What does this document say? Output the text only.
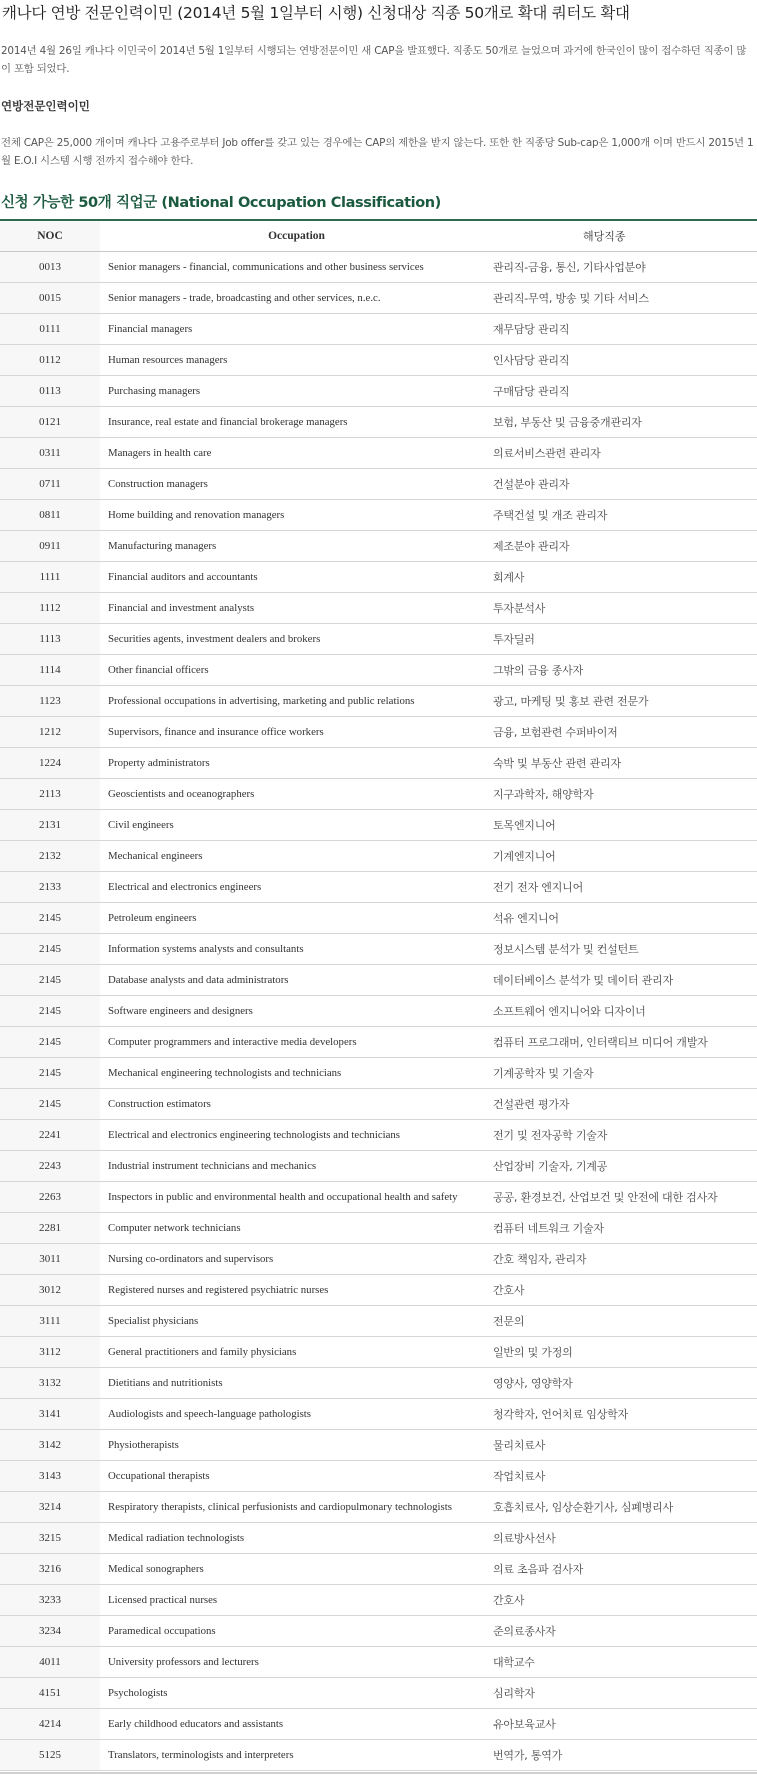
캐나다 연방 전문인력이민 (2014년 5월 1일부터 시행) 신청대상 직종 50개로 확대 쿼터도 확대
2014년 4월 26일 캐나다 이민국이 2014년 5월 1일부터 시행되는 연방전문이민 새 CAP을 발표했다. 직종도 50개로 늘었으며 과거에 한국인이 많이 접수하던 직종이 많이 포함 되었다.
연방전문인력이민
전체 CAP은 25,000 개이며 캐나다 고용주로부터 Job offer를 갖고 있는 경우에는 CAP의 제한을 받지 않는다. 또한 한 직종당 Sub-cap은 1,000개 이며 반드시 2015년 1월 E.O.I 시스템 시행 전까지 접수해야 한다.
신청 가능한 50개 직업군 (National Occupation Classification)
NOC	Occupation	해당직종
0013	Senior managers - financial, communications and other business services	관리직-금융, 통신, 기타사업분야
0015	Senior managers - trade, broadcasting and other services, n.e.c.	관리직-무역, 방송 및 기타 서비스
0111	Financial managers	재무담당 관리직
0112	Human resources managers	인사담당 관리직
0113	Purchasing managers	구매담당 관리직
0121	Insurance, real estate and financial brokerage managers	보험, 부동산 및 금융중개관리자
0311	Managers in health care	의료서비스관련 관리자
0711	Construction managers	건설분야 관리자
0811	Home building and renovation managers	주택건설 및 개조 관리자
0911	Manufacturing managers	제조분야 관리자
1111	Financial auditors and accountants	회계사
1112	Financial and investment analysts	투자분석사
1113	Securities agents, investment dealers and brokers	투자딜러
1114	Other financial officers	그밖의 금융 종사자
1123	Professional occupations in advertising, marketing and public relations	광고, 마케팅 및 홍보 관련 전문가
1212	Supervisors, finance and insurance office workers	금융, 보험관련 수퍼바이저
1224	Property administrators	숙박 및 부동산 관련 관리자
2113	Geoscientists and oceanographers	지구과학자, 해양학자
2131	Civil engineers	토목엔지니어
2132	Mechanical engineers	기계엔지니어
2133	Electrical and electronics engineers	전기 전자 엔지니어
2145	Petroleum engineers	석유 엔지니어
2145	Information systems analysts and consultants	정보시스템 분석가 및 컨설턴트
2145	Database analysts and data administrators	데이터베이스 분석가 및 데이터 관리자
2145	Software engineers and designers	소프트웨어 엔지니어와 디자이너
2145	Computer programmers and interactive media developers	컴퓨터 프로그래머, 인터랙티브 미디어 개발자
2145	Mechanical engineering technologists and technicians	기계공학자 및 기술자
2145	Construction estimators	건설관련 평가자
2241	Electrical and electronics engineering technologists and technicians	전기 및 전자공학 기술자
2243	Industrial instrument technicians and mechanics	산업장비 기술자, 기계공
2263	Inspectors in public and environmental health and occupational health and safety	공공, 환경보건, 산업보건 및 안전에 대한 검사자
2281	Computer network technicians	컴퓨터 네트워크 기술자
3011	Nursing co-ordinators and supervisors	간호 책임자, 관리자
3012	Registered nurses and registered psychiatric nurses	간호사
3111	Specialist physicians	전문의
3112	General practitioners and family physicians	일반의 및 가정의
3132	Dietitians and nutritionists	영양사, 영양학자
3141	Audiologists and speech-language pathologists	청각학자, 언어치료 임상학자
3142	Physiotherapists	물리치료사
3143	Occupational therapists	작업치료사
3214	Respiratory therapists, clinical perfusionists and cardiopulmonary technologists	호흡치료사, 임상순환기사, 심폐병리사
3215	Medical radiation technologists	의료방사선사
3216	Medical sonographers	의료 초음파 검사자
3233	Licensed practical nurses	간호사
3234	Paramedical occupations	준의료종사자
4011	University professors and lecturers	대학교수
4151	Psychologists	심리학자
4214	Early childhood educators and assistants	유아보육교사
5125	Translators, terminologists and interpreters	번역가, 통역가
